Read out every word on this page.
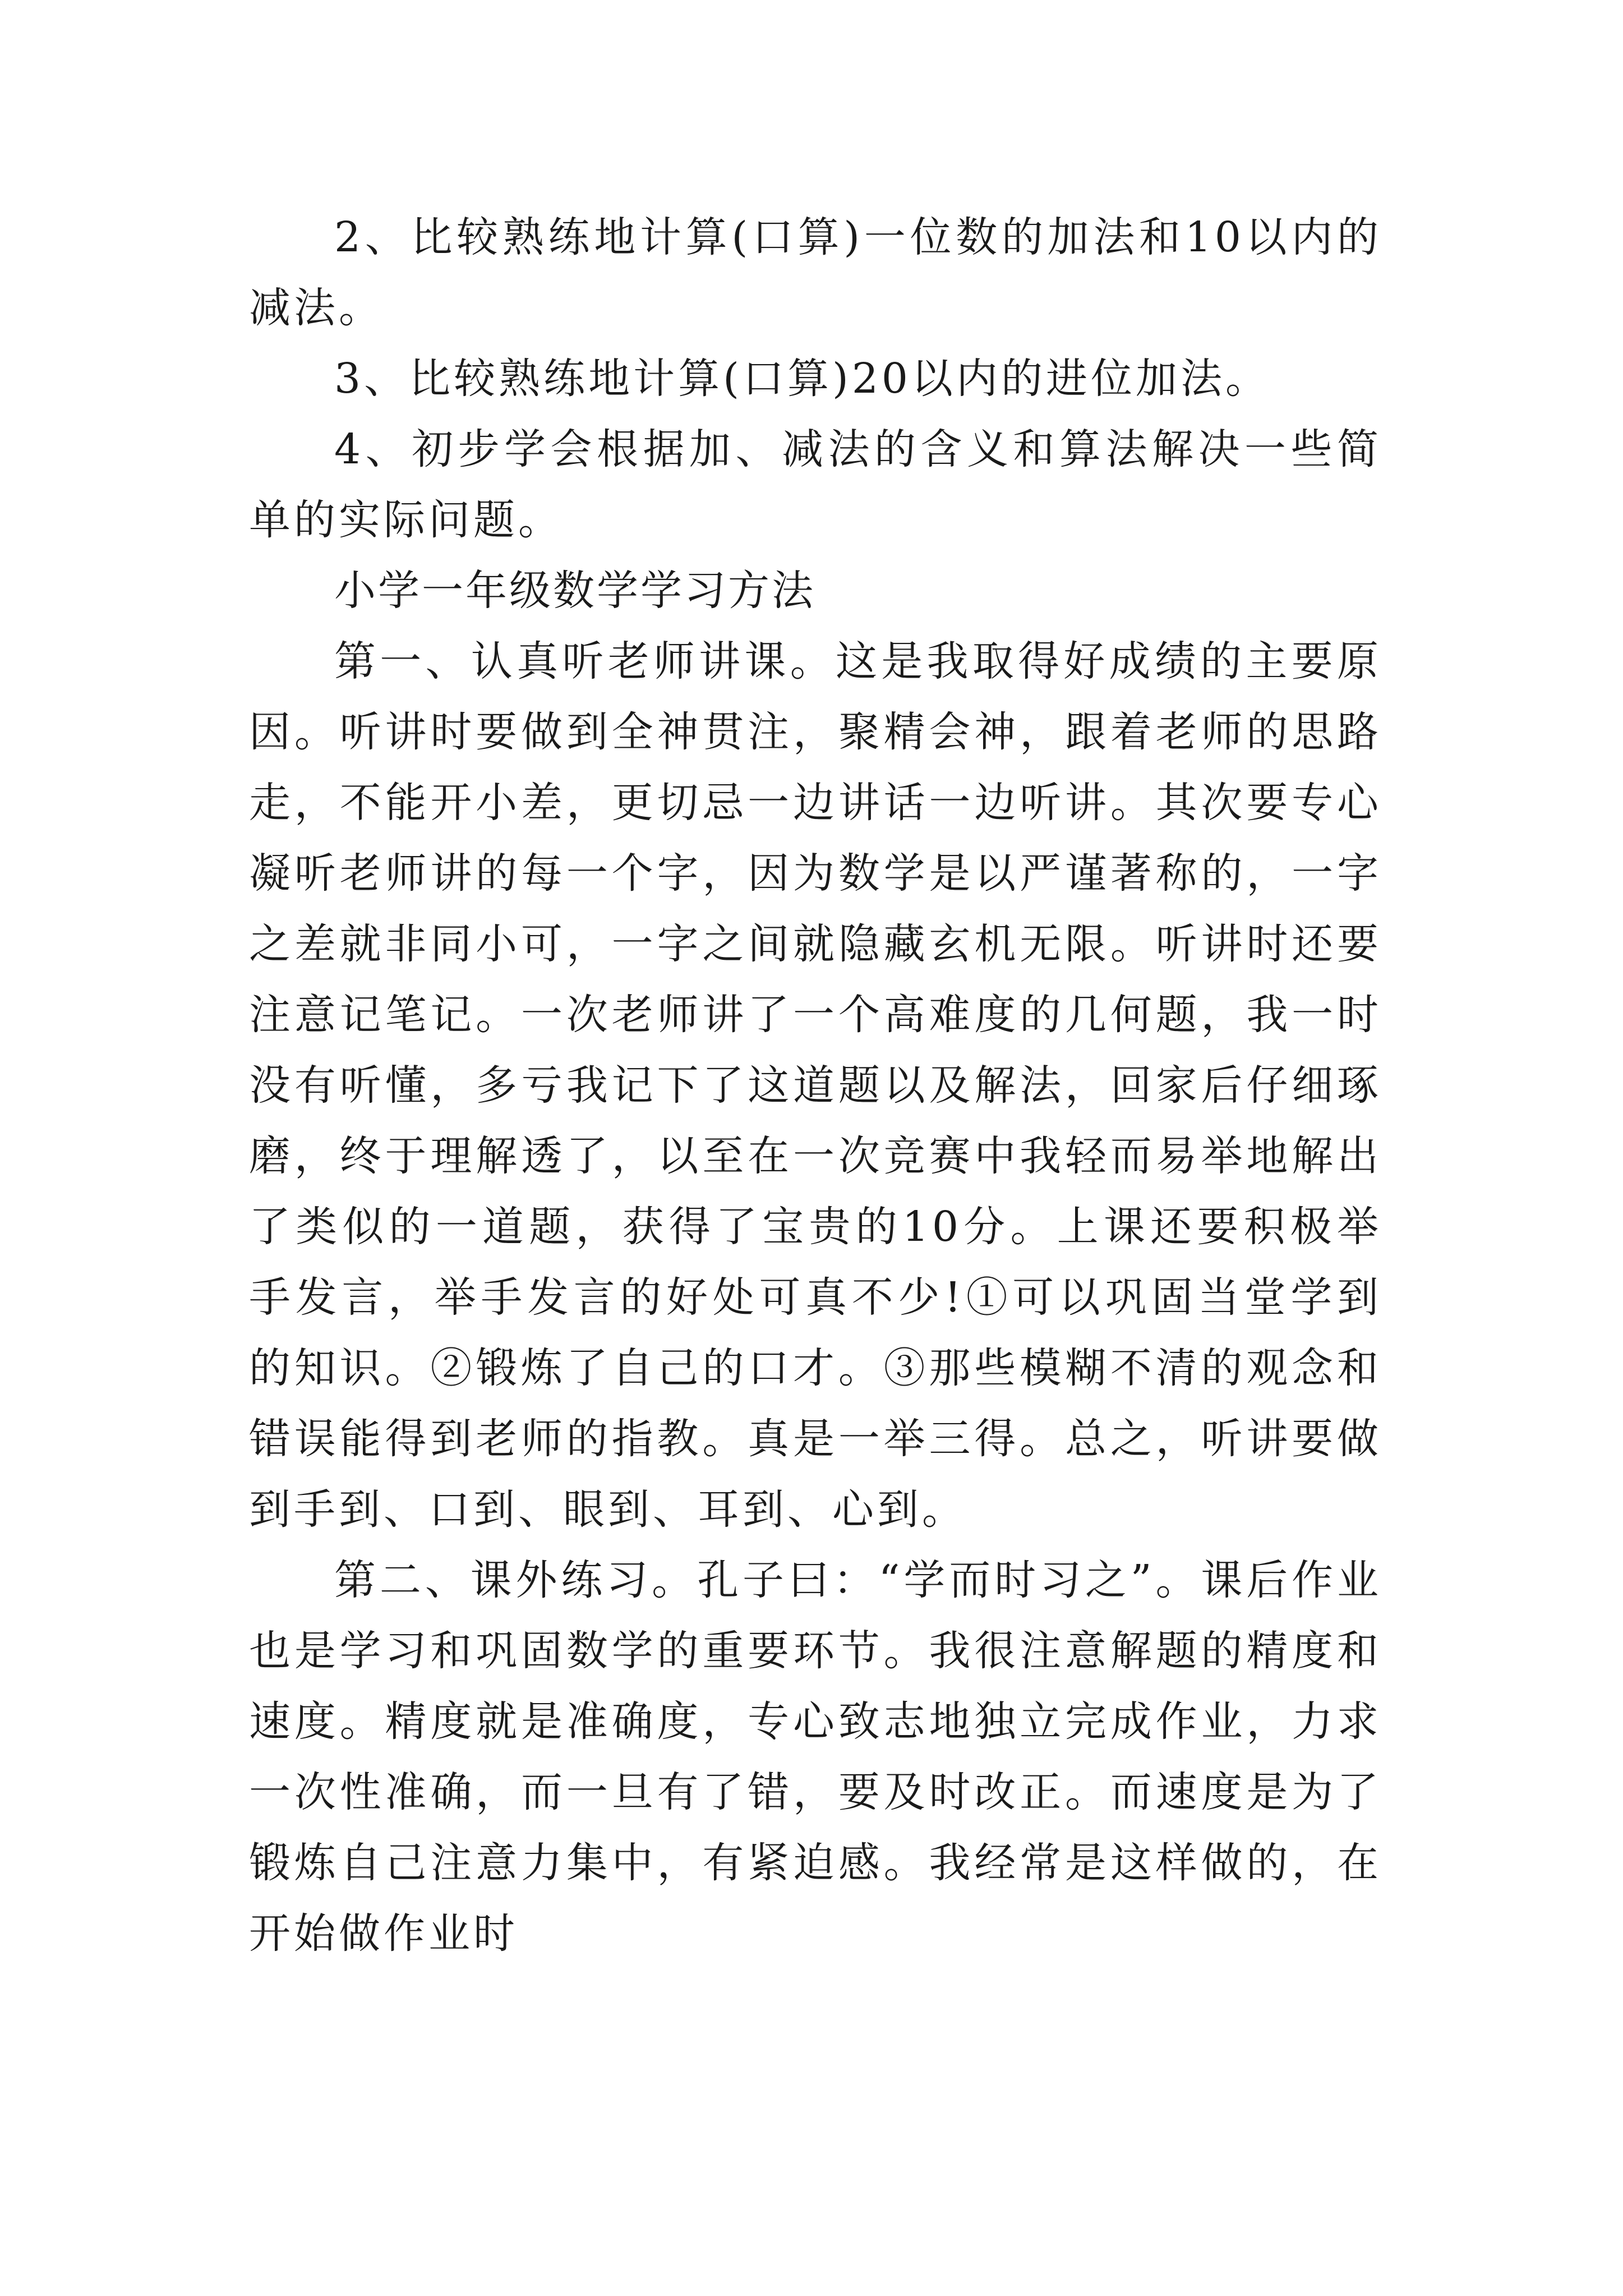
2、比较熟练地计算(口算)一位数的加法和10以内的减法。

3、比较熟练地计算(口算)20以内的进位加法。

4、初步学会根据加、减法的含义和算法解决一些简单的实际问题。

小学一年级数学学习方法

第一、认真听老师讲课。这是我取得好成绩的主要原因。听讲时要做到全神贯注，聚精会神，跟着老师的思路走，不能开小差，更切忌一边讲话一边听讲。其次要专心凝听老师讲的每一个字，因为数学是以严谨著称的，一字之差就非同小可，一字之间就隐藏玄机无限。听讲时还要注意记笔记。一次老师讲了一个高难度的几何题，我一时没有听懂，多亏我记下了这道题以及解法，回家后仔细琢磨，终于理解透了，以至在一次竞赛中我轻而易举地解出了类似的一道题，获得了宝贵的10分。上课还要积极举手发言，举手发言的好处可真不少!①可以巩固当堂学到的知识。②锻炼了自己的口才。③那些模糊不清的观念和错误能得到老师的指教。真是一举三得。总之，听讲要做到手到、口到、眼到、耳到、心到。

第二、课外练习。孔子曰：“学而时习之”。课后作业也是学习和巩固数学的重要环节。我很注意解题的精度和速度。精度就是准确度，专心致志地独立完成作业，力求一次性准确，而一旦有了错，要及时改正。而速度是为了锻炼自己注意力集中，有紧迫感。我经常是这样做的，在开始做作业时
